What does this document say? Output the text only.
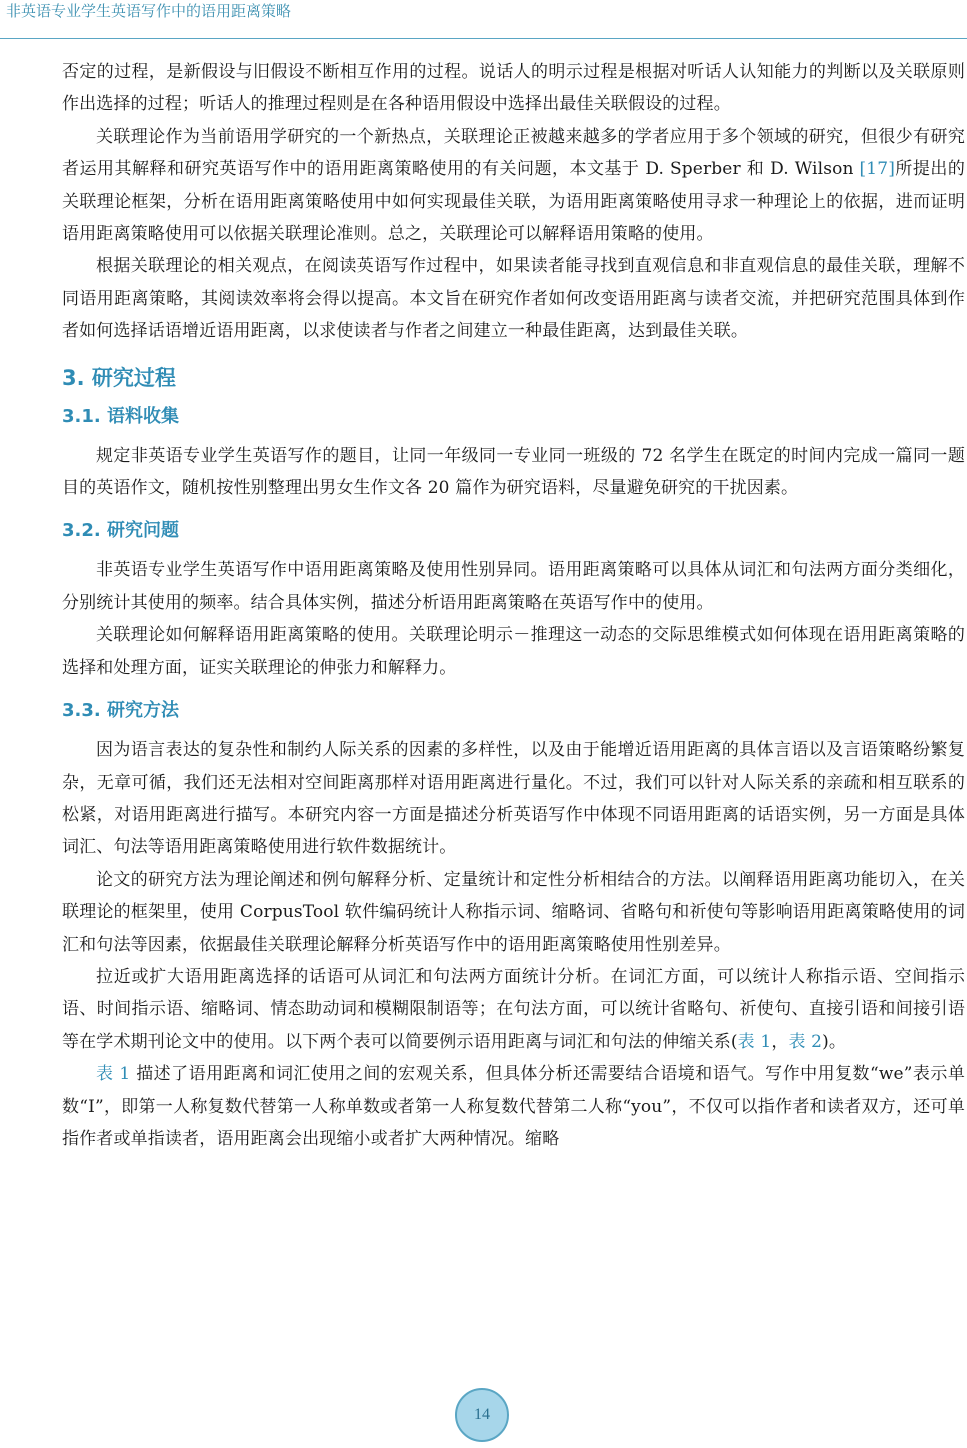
非英语专业学生英语写作中的语用距离策略

否定的过程，是新假设与旧假设不断相互作用的过程。说话人的明示过程是根据对听话人认知能力的判断以及关联原则作出选择的过程；听话人的推理过程则是在各种语用假设中选择出最佳关联假设的过程。

关联理论作为当前语用学研究的一个新热点，关联理论正被越来越多的学者应用于多个领域的研究，但很少有研究者运用其解释和研究英语写作中的语用距离策略使用的有关问题，本文基于 D. Sperber 和 D. Wilson [17]所提出的关联理论框架，分析在语用距离策略使用中如何实现最佳关联，为语用距离策略使用寻求一种理论上的依据，进而证明语用距离策略使用可以依据关联理论准则。总之，关联理论可以解释语用策略的使用。

根据关联理论的相关观点，在阅读英语写作过程中，如果读者能寻找到直观信息和非直观信息的最佳关联，理解不同语用距离策略，其阅读效率将会得以提高。本文旨在研究作者如何改变语用距离与读者交流，并把研究范围具体到作者如何选择话语增近语用距离，以求使读者与作者之间建立一种最佳距离，达到最佳关联。

3. 研究过程
3.1. 语料收集

规定非英语专业学生英语写作的题目，让同一年级同一专业同一班级的 72 名学生在既定的时间内完成一篇同一题目的英语作文，随机按性别整理出男女生作文各 20 篇作为研究语料，尽量避免研究的干扰因素。

3.2. 研究问题

非英语专业学生英语写作中语用距离策略及使用性别异同。语用距离策略可以具体从词汇和句法两方面分类细化，分别统计其使用的频率。结合具体实例，描述分析语用距离策略在英语写作中的使用。

关联理论如何解释语用距离策略的使用。关联理论明示－推理这一动态的交际思维模式如何体现在语用距离策略的选择和处理方面，证实关联理论的伸张力和解释力。

3.3. 研究方法

因为语言表达的复杂性和制约人际关系的因素的多样性，以及由于能增近语用距离的具体言语以及言语策略纷繁复杂，无章可循，我们还无法相对空间距离那样对语用距离进行量化。不过，我们可以针对人际关系的亲疏和相互联系的松紧，对语用距离进行描写。本研究内容一方面是描述分析英语写作中体现不同语用距离的话语实例，另一方面是具体词汇、句法等语用距离策略使用进行软件数据统计。

论文的研究方法为理论阐述和例句解释分析、定量统计和定性分析相结合的方法。以阐释语用距离功能切入，在关联理论的框架里，使用 CorpusTool 软件编码统计人称指示词、缩略词、省略句和祈使句等影响语用距离策略使用的词汇和句法等因素，依据最佳关联理论解释分析英语写作中的语用距离策略使用性别差异。

拉近或扩大语用距离选择的话语可从词汇和句法两方面统计分析。在词汇方面，可以统计人称指示语、空间指示语、时间指示语、缩略词、情态助动词和模糊限制语等；在句法方面，可以统计省略句、祈使句、直接引语和间接引语等在学术期刊论文中的使用。以下两个表可以简要例示语用距离与词汇和句法的伸缩关系(表 1，表 2)。

表 1 描述了语用距离和词汇使用之间的宏观关系，但具体分析还需要结合语境和语气。写作中用复数“we”表示单数“I”，即第一人称复数代替第一人称单数或者第一人称复数代替第二人称“you”，不仅可以指作者和读者双方，还可单指作者或单指读者，语用距离会出现缩小或者扩大两种情况。缩略

14
